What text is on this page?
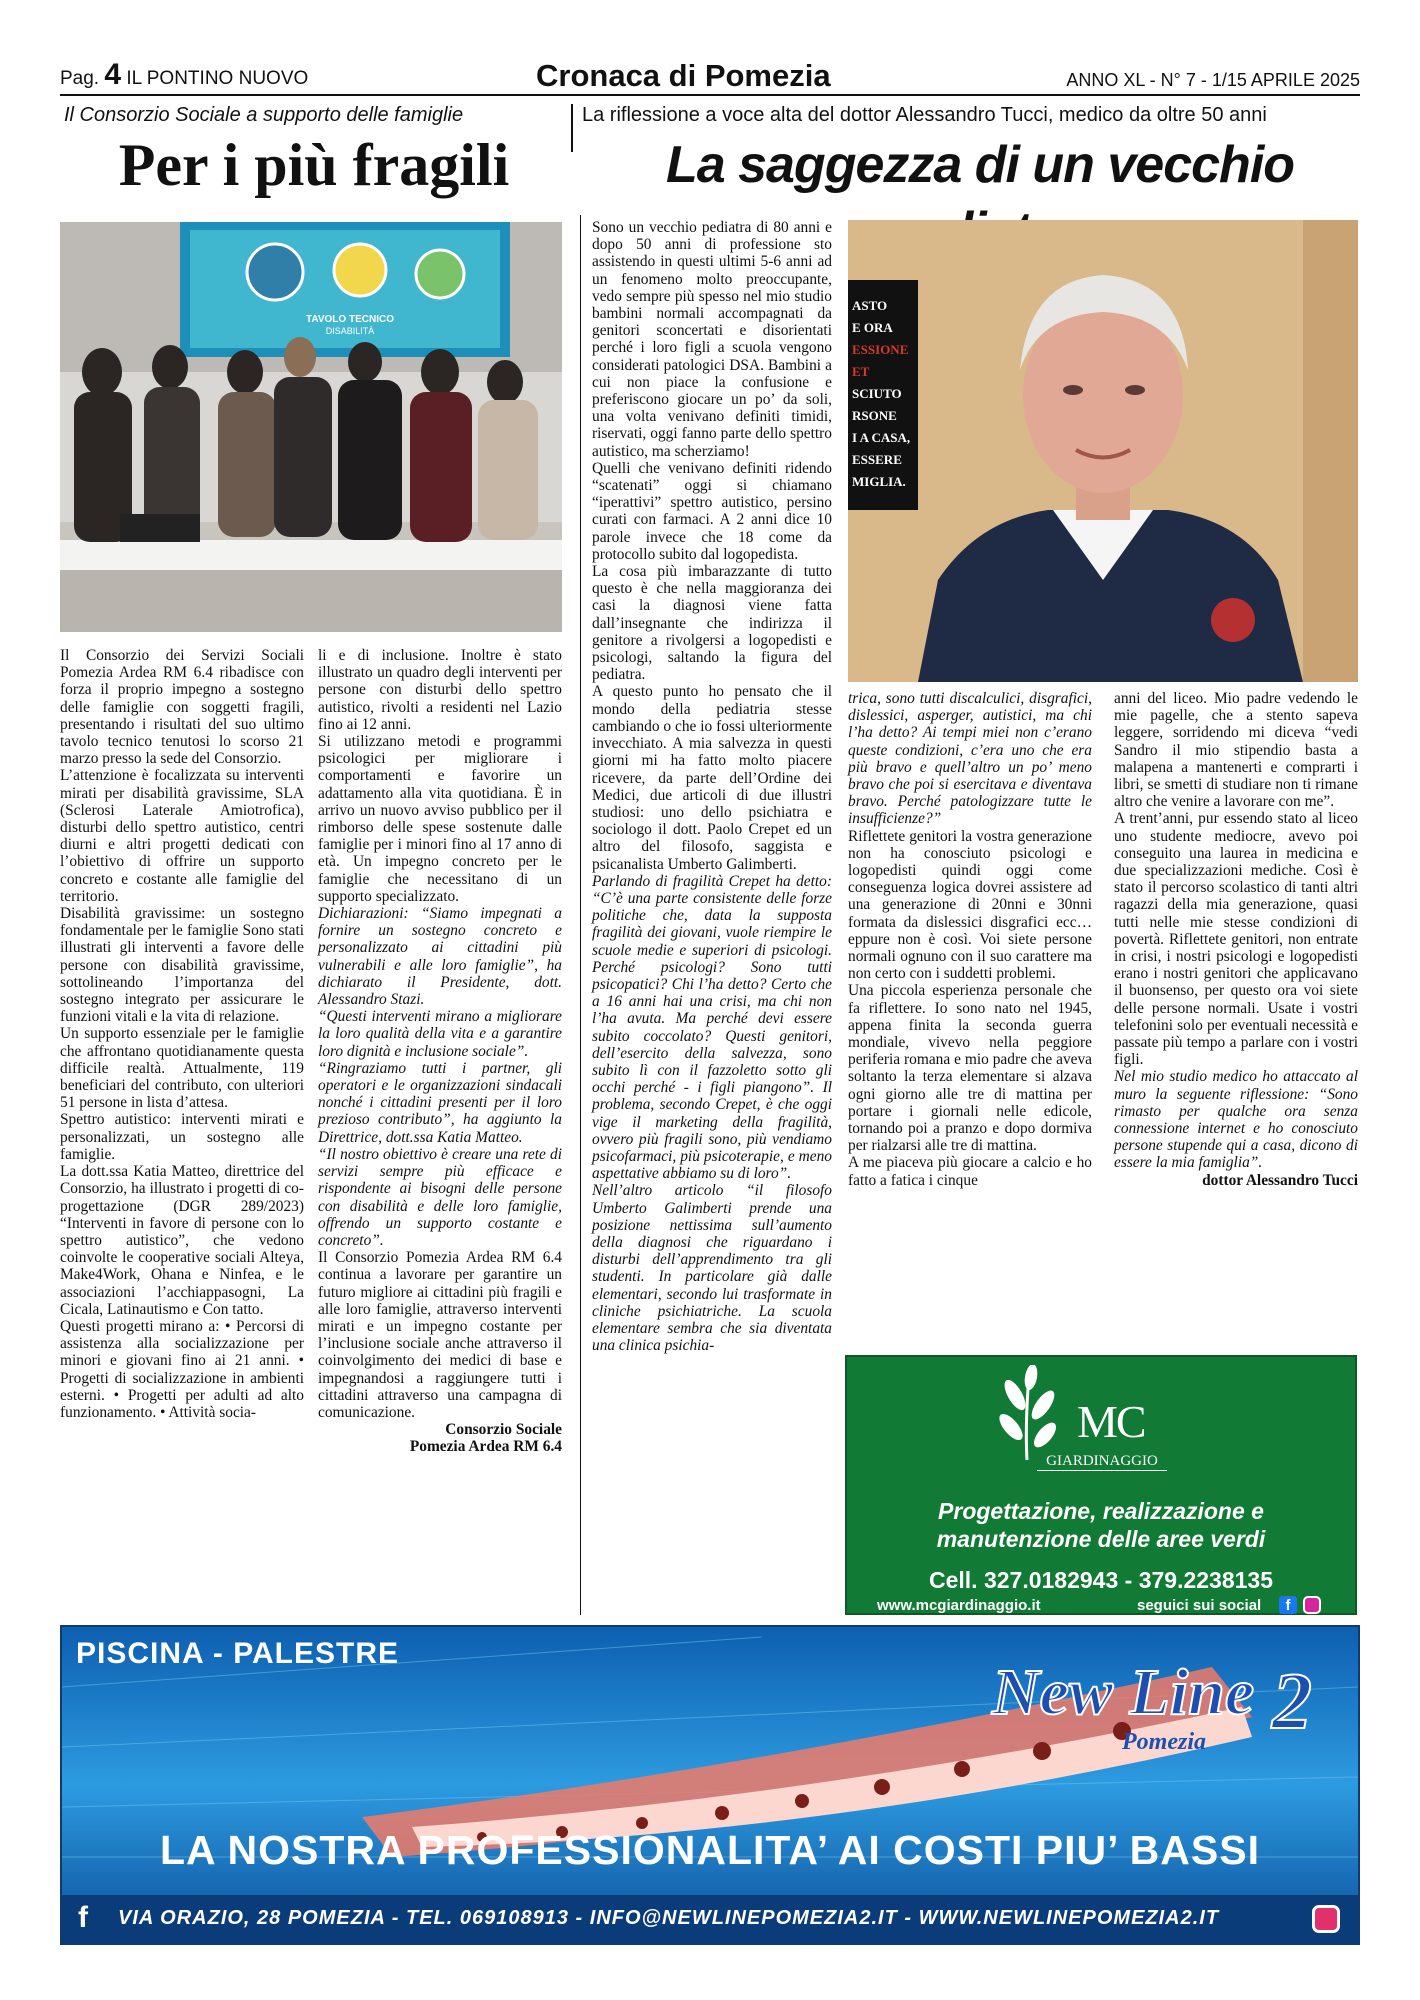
Pag. 4 IL PONTINO NUOVO	Cronaca di Pomezia	ANNO XL - N° 7 - 1/15 APRILE 2025
Il Consorzio Sociale a supporto delle famiglie
Per i più fragili
TAVOLO TECNICO
DISABILITÀ

Il Consorzio dei Servizi Sociali Pomezia Ardea RM 6.4 ribadisce con forza il proprio impegno a sostegno delle famiglie con soggetti fragili, presentando i risultati del suo ultimo tavolo tecnico tenutosi lo scorso 21 marzo presso la sede del Consorzio.

L’attenzione è focalizzata su interventi mirati per disabilità gravissime, SLA (Sclerosi Laterale Amiotrofica), disturbi dello spettro autistico, centri diurni e altri progetti dedicati con l’obiettivo di offrire un supporto concreto e costante alle famiglie del territorio.

Disabilità gravissime: un sostegno fondamentale per le famiglie Sono stati illustrati gli interventi a favore delle persone con disabilità gravissime, sottolineando l’importanza del sostegno integrato per assicurare le funzioni vitali e la vita di relazione.

Un supporto essenziale per le famiglie che affrontano quotidianamente questa difficile realtà. Attualmente, 119 beneficiari del contributo, con ulteriori 51 persone in lista d’attesa.

Spettro autistico: interventi mirati e personalizzati, un sostegno alle famiglie.

La dott.ssa Katia Matteo, direttrice del Consorzio, ha illustrato i progetti di co-progettazione (DGR 289/2023) “Interventi in favore di persone con lo spettro autistico”, che vedono coinvolte le cooperative sociali Alteya, Make4Work, Ohana e Ninfea, e le associazioni l’acchiappasogni, La Cicala, Latinautismo e Con tatto.

Questi progetti mirano a: • Percorsi di assistenza alla socializzazione per minori e giovani fino ai 21 anni. • Progetti di socializzazione in ambienti esterni. • Progetti per adulti ad alto funzionamento. • Attività socia-

li e di inclusione. Inoltre è stato illustrato un quadro degli interventi per persone con disturbi dello spettro autistico, rivolti a residenti nel Lazio fino ai 12 anni.

Si utilizzano metodi e programmi psicologici per migliorare i comportamenti e favorire un adattamento alla vita quotidiana. È in arrivo un nuovo avviso pubblico per il rimborso delle spese sostenute dalle famiglie per i minori fino al 17 anno di età. Un impegno concreto per le famiglie che necessitano di un supporto specializzato.

Dichiarazioni: “Siamo impegnati a fornire un sostegno concreto e personalizzato ai cittadini più vulnerabili e alle loro famiglie”, ha dichiarato il Presidente, dott. Alessandro Stazi.

“Questi interventi mirano a migliorare la loro qualità della vita e a garantire loro dignità e inclusione sociale”.

“Ringraziamo tutti i partner, gli operatori e le organizzazioni sindacali nonché i cittadini presenti per il loro prezioso contributo”, ha aggiunto la Direttrice, dott.ssa Katia Matteo.

“Il nostro obiettivo è creare una rete di servizi sempre più efficace e rispondente ai bisogni delle persone con disabilità e delle loro famiglie, offrendo un supporto costante e concreto”.

Il Consorzio Pomezia Ardea RM 6.4 continua a lavorare per garantire un futuro migliore ai cittadini più fragili e alle loro famiglie, attraverso interventi mirati e un impegno costante per l’inclusione sociale anche attraverso il coinvolgimento dei medici di base e impegnandosi a raggiungere tutti i cittadini attraverso una campagna di comunicazione.

Consorzio Sociale

Pomezia Ardea RM 6.4

La riflessione a voce alta del dottor Alessandro Tucci, medico da oltre 50 anni
La saggezza di un vecchio

Sono un vecchio pediatra di 80 anni e dopo 50 anni di professione sto assistendo in questi ultimi 5-6 anni ad un fenomeno molto preoccupante, vedo sempre più spesso nel mio studio bambini normali accompagnati da genitori sconcertati e disorientati perché i loro figli a scuola vengono considerati patologici DSA. Bambini a cui non piace la confusione e preferiscono giocare un po’ da soli, una volta venivano definiti timidi, riservati, oggi fanno parte dello spettro autistico, ma scherziamo!

Quelli che venivano definiti ridendo “scatenati” oggi si chiamano “iperattivi” spettro autistico, persino curati con farmaci. A 2 anni dice 10 parole invece che 18 come da protocollo subito dal logopedista.

La cosa più imbarazzante di tutto questo è che nella maggioranza dei casi la diagnosi viene fatta dall’insegnante che indirizza il genitore a rivolgersi a logopedisti e psicologi, saltando la figura del pediatra.

A questo punto ho pensato che il mondo della pediatria stesse cambiando o che io fossi ulteriormente invecchiato. A mia salvezza in questi giorni mi ha fatto molto piacere ricevere, da parte dell’Ordine dei Medici, due articoli di due illustri studiosi: uno dello psichiatra e sociologo il dott. Paolo Crepet ed un altro del filosofo, saggista e psicanalista Umberto Galimberti.

Parlando di fragilità Crepet ha detto: “C’è una parte consistente delle forze politiche che, data la supposta fragilità dei giovani, vuole riempire le scuole medie e superiori di psicologi. Perché psicologi? Sono tutti psicopatici? Chi l’ha detto? Certo che a 16 anni hai una crisi, ma chi non l’ha avuta. Ma perché devi essere subito coccolato? Questi genitori, dell’esercito della salvezza, sono subito lì con il fazzoletto sotto gli occhi perché - i figli piangono”. Il problema, secondo Crepet, è che oggi vige il marketing della fragilità, ovvero più fragili sono, più vendiamo psicofarmaci, più psicoterapie, e meno aspettative abbiamo su di loro”.

Nell’altro articolo “il filosofo Umberto Galimberti prende una posizione nettissima sull’aumento della diagnosi che riguardano i disturbi dell’apprendimento tra gli studenti. In particolare già dalle elementari, secondo lui trasformate in cliniche psichiatriche. La scuola elementare sembra che sia diventata una clinica psichia-

ASTO
E ORA
ESSIONE
ET
SCIUTO
RSONE
I A CASA,
ESSERE
MIGLIA.

trica, sono tutti discalculici, disgrafici, dislessici, asperger, autistici, ma chi l’ha detto? Ai tempi miei non c’erano queste condizioni, c’era uno che era più bravo e quell’altro un po’ meno bravo che poi si esercitava e diventava bravo. Perché patologizzare tutte le insufficienze?”

Riflettete genitori la vostra generazione non ha conosciuto psicologi e logopedisti quindi oggi come conseguenza logica dovrei assistere ad una generazione di 20nni e 30nni formata da dislessici disgrafici ecc… eppure non è così. Voi siete persone normali ognuno con il suo carattere ma non certo con i suddetti problemi.

Una piccola esperienza personale che fa riflettere. Io sono nato nel 1945, appena finita la seconda guerra mondiale, vivevo nella peggiore periferia romana e mio padre che aveva soltanto la terza elementare si alzava ogni giorno alle tre di mattina per portare i giornali nelle edicole, tornando poi a pranzo e dopo dormiva per rialzarsi alle tre di mattina.

A me piaceva più giocare a calcio e ho fatto a fatica i cinque

anni del liceo. Mio padre vedendo le mie pagelle, che a stento sapeva leggere, sorridendo mi diceva “vedi Sandro il mio stipendio basta a malapena a mantenerti e comprarti i libri, se smetti di studiare non ti rimane altro che venire a lavorare con me”.

A trent’anni, pur essendo stato al liceo uno studente mediocre, avevo poi conseguito una laurea in medicina e due specializzazioni mediche. Così è stato il percorso scolastico di tanti altri ragazzi della mia generazione, quasi tutti nelle mie stesse condizioni di povertà. Riflettete genitori, non entrate in crisi, i nostri psicologi e logopedisti erano i nostri genitori che applicavano il buonsenso, per questo ora voi siete delle persone normali. Usate i vostri telefonini solo per eventuali necessità e passate più tempo a parlare con i vostri figli.

Nel mio studio medico ho attaccato al muro la seguente riflessione: “Sono rimasto per qualche ora senza connessione internet e ho conosciuto persone stupende qui a casa, dicono di essere la mia famiglia”.

dottor Alessandro Tucci

MC
GIARDINAGGIO
Progettazione, realizzazione e
manutenzione delle aree verdi
Cell. 327.0182943 - 379.2238135
www.mcgiardinaggio.it	seguici sui social	f
PISCINA - PALESTRE
New Line 2
Pomezia
LA NOSTRA PROFESSIONALITA’ AI COSTI PIU’ BASSI
f	VIA ORAZIO, 28 POMEZIA - TEL. 069108913 - INFO@NEWLINEPOMEZIA2.IT - WWW.NEWLINEPOMEZIA2.IT
